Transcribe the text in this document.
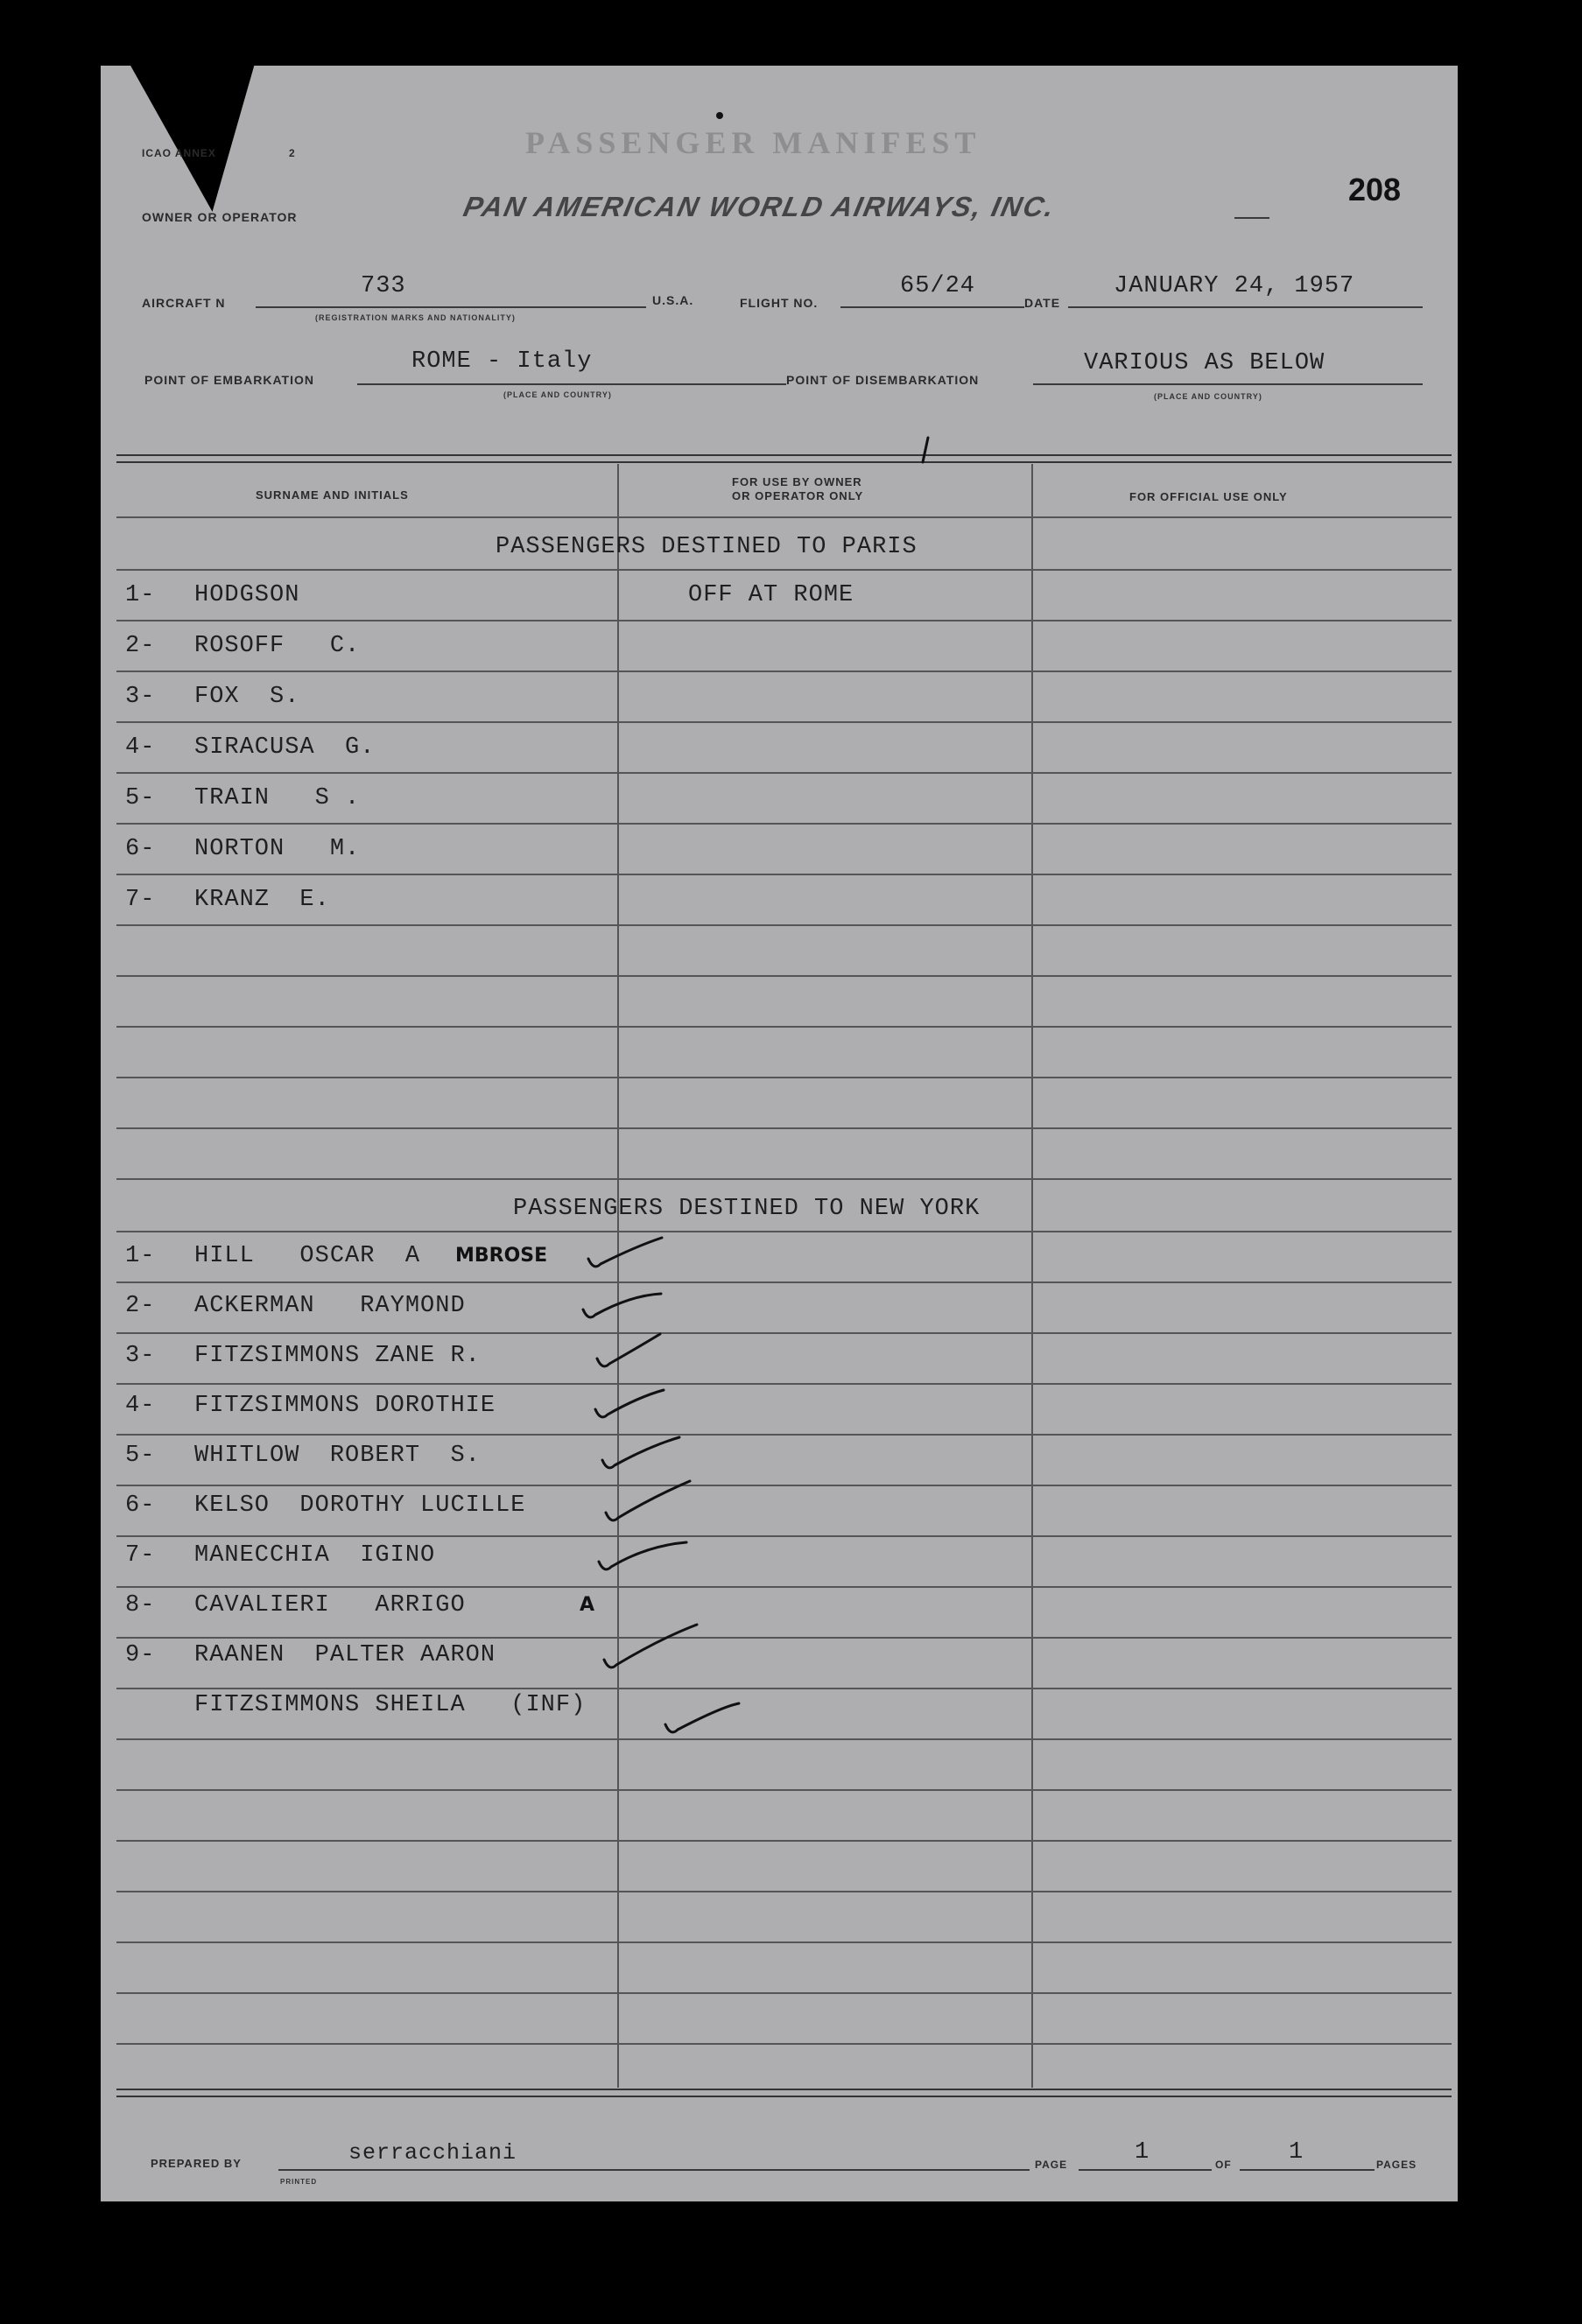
ICAO ANNEX	2
OWNER OR OPERATOR
PASSENGER MANIFEST
PAN AMERICAN WORLD AIRWAYS, INC.	208
AIRCRAFT N
733
(REGISTRATION MARKS AND NATIONALITY)
U.S.A.	FLIGHT NO.
65/24
DATE
JANUARY 24, 1957
POINT OF EMBARKATION
ROME - Italy
(PLACE AND COUNTRY)
POINT OF DISEMBARKATION
VARIOUS AS BELOW
(PLACE AND COUNTRY)
SURNAME AND INITIALS
FOR USE BY OWNER
OR OPERATOR ONLY	FOR OFFICIAL USE ONLY
PASSENGERS DESTINED TO PARIS
1- HODGSON	OFF AT ROME
2- ROSOFF   C.
3- FOX  S.
4- SIRACUSA  G.
5- TRAIN   S .
6- NORTON   M.
7- KRANZ  E.
PASSENGERS DESTINED TO NEW YORK
1- HILL   OSCAR  A MBROSE
2- ACKERMAN   RAYMOND
3- FITZSIMMONS ZANE R.
4- FITZSIMMONS DOROTHIE
5- WHITLOW  ROBERT  S.
6- KELSO  DOROTHY LUCILLE
7- MANECCHIA  IGINO
8- CAVALIERI   ARRIGO	A
9- RAANEN  PALTER AARON
FITZSIMMONS SHEILA   (INF)
PREPARED BY
PRINTED
serracchiani	PAGE	1	OF 1	PAGES
